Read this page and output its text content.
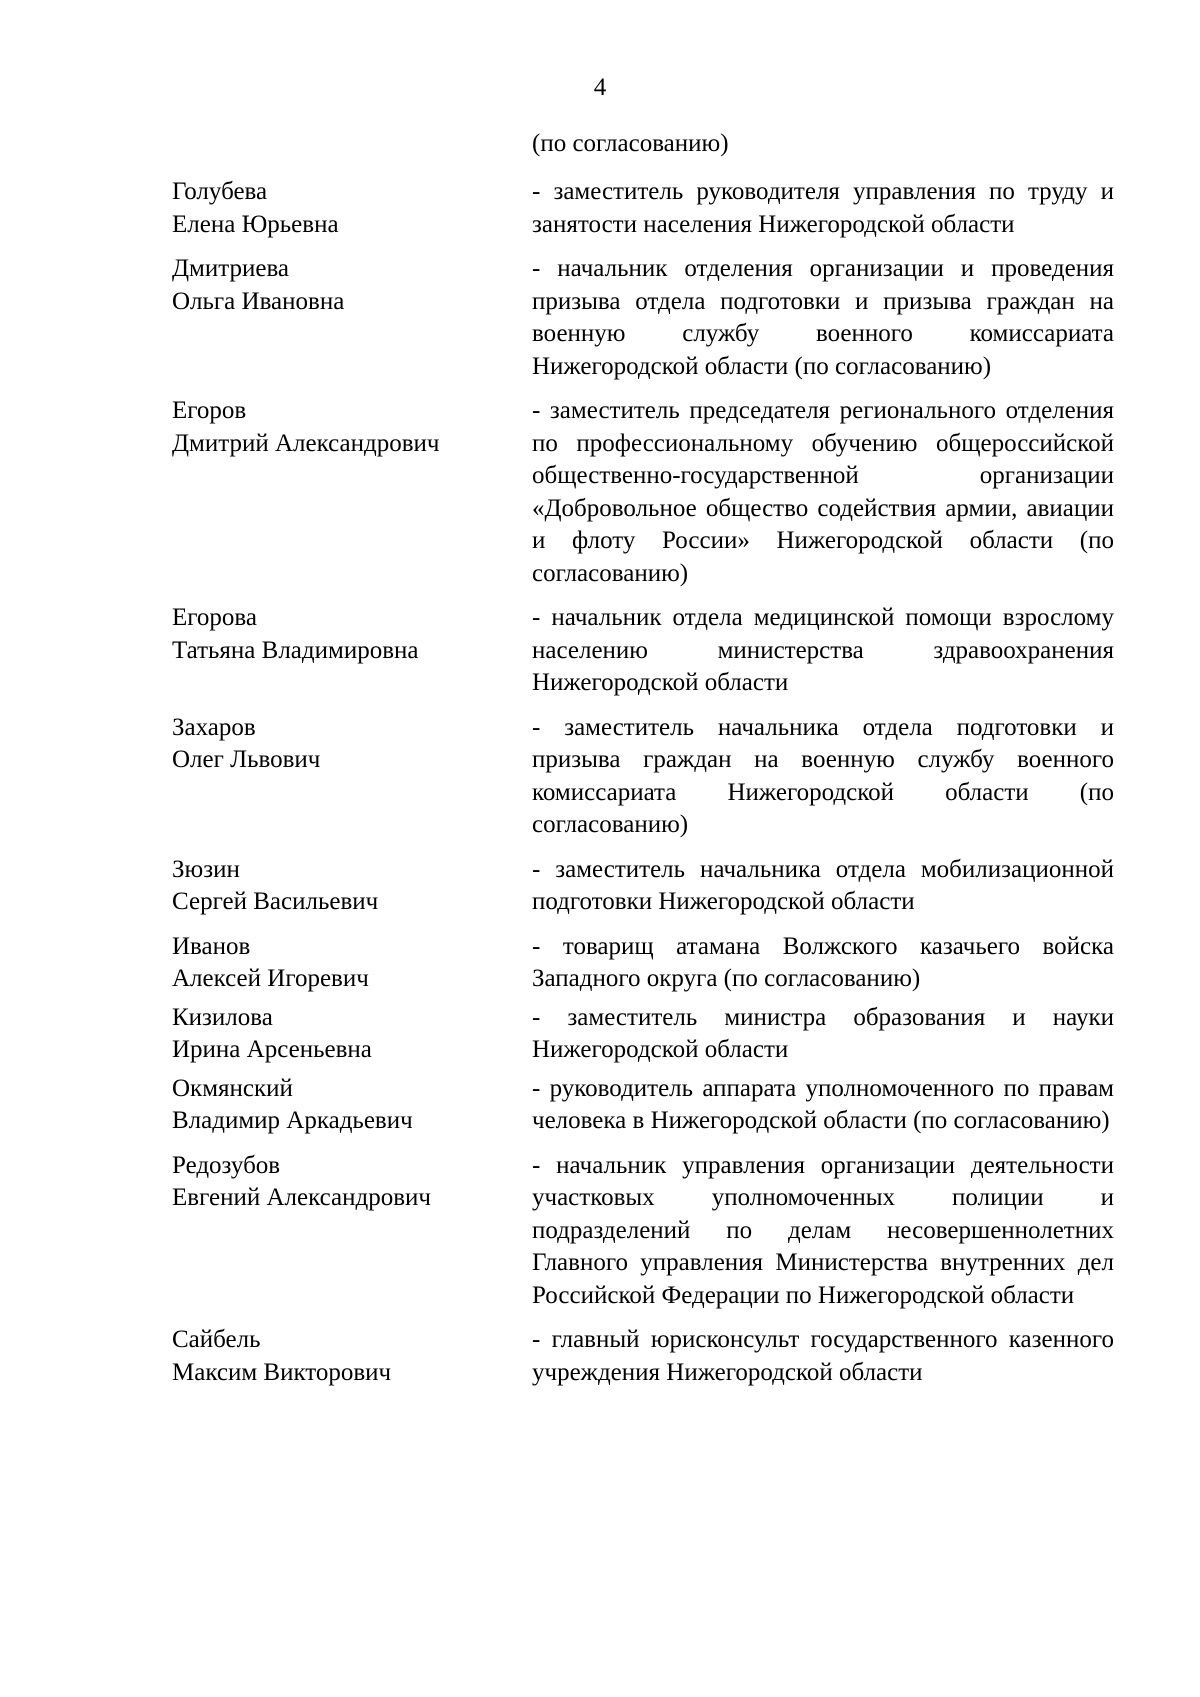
4
(по согласованию)
Голубева
Елена Юрьевна
- заместитель руководителя управления по труду и занятости населения Нижегородской области
Дмитриева
Ольга Ивановна
- начальник отделения организации и проведения призыва отдела подготовки и призыва граждан на военную службу военного комиссариата Нижегородской области (по согласованию)
Егоров
Дмитрий Александрович
- заместитель председателя регионального отделения по профессиональному обучению общероссийской общественно-государственной организации «Добровольное общество содействия армии, авиации и флоту России» Нижегородской области (по согласованию)
Егорова
Татьяна Владимировна
- начальник отдела медицинской помощи взрослому населению министерства здравоохранения Нижегородской области
Захаров
Олег Львович
- заместитель начальника отдела подготовки и призыва граждан на военную службу военного комиссариата Нижегородской области (по согласованию)
Зюзин
Сергей Васильевич
- заместитель начальника отдела мобилизационной подготовки Нижегородской области
Иванов
Алексей Игоревич
- товарищ атамана Волжского казачьего войска Западного округа (по согласованию)
Кизилова
Ирина Арсеньевна
- заместитель министра образования и науки Нижегородской области
Окмянский
Владимир Аркадьевич
- руководитель аппарата уполномоченного по правам человека в Нижегородской области (по согласованию)
Редозубов
Евгений Александрович
- начальник управления организации деятельности участковых уполномоченных полиции и подразделений по делам несовершеннолетних Главного управления Министерства внутренних дел Российской Федерации по Нижегородской области
Сайбель
Максим Викторович
- главный юрисконсульт государственного казенного учреждения Нижегородской области
